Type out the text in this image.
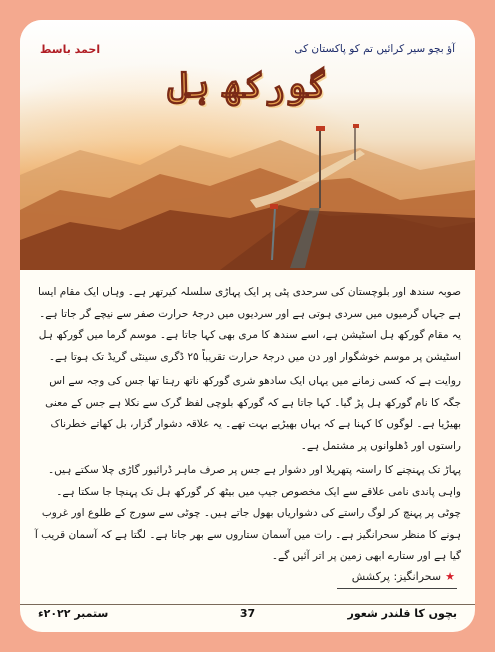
آؤ بچو سیر کرائیں تم کو پاکستان کی
احمد باسط
گورکھ ہل

صوبہ سندھ اور بلوچستان کی سرحدی پٹی پر ایک پہاڑی سلسلہ کیرتھر ہے۔ وہاں ایک مقام ایسا ہے جہاں گرمیوں میں سردی ہوتی ہے اور سردیوں میں درجۂ حرارت صفر سے نیچے گر جاتا ہے۔ یہ مقام گورکھ ہل اسٹیشن ہے، اسے سندھ کا مری بھی کہا جاتا ہے۔ موسم گرما میں گورکھ ہل اسٹیشن پر موسم خوشگوار اور دن میں درجۂ حرارت تقریباً ۲۵ ڈگری سینٹی گریڈ تک ہوتا ہے۔

روایت ہے کہ کسی زمانے میں یہاں ایک سادھو شری گورکھ ناتھ رہتا تھا جس کی وجہ سے اس جگہ کا نام گورکھ ہل پڑ گیا۔ کہا جاتا ہے کہ گورکھ بلوچی لفظ گرک سے نکلا ہے جس کے معنی بھیڑیا ہے۔ لوگوں کا کہنا ہے کہ یہاں بھیڑیے بہت تھے۔ یہ علاقہ دشوار گزار، بل کھاتے خطرناک راستوں اور ڈھلوانوں پر مشتمل ہے۔

پہاڑ تک پہنچنے کا راستہ پتھریلا اور دشوار ہے جس پر صرف ماہر ڈرائیور گاڑی چلا سکتے ہیں۔ واہی پاندی نامی علاقے سے ایک مخصوص جیپ میں بیٹھ کر گورکھ ہل تک پہنچا جا سکتا ہے۔ چوٹی پر پہنچ کر لوگ راستے کی دشواریاں بھول جاتے ہیں۔ چوٹی سے سورج کے طلوع اور غروب ہونے کا منظر سحرانگیز ہے۔ رات میں آسمان ستاروں سے بھر جاتا ہے۔ لگتا ہے کہ آسمان قریب آ گیا ہے اور ستارے ابھی زمین پر اتر آئیں گے۔

★سحرانگیز: پرکشش
بچوں کا قلندر شعور
37
ستمبر ۲۰۲۲ء
